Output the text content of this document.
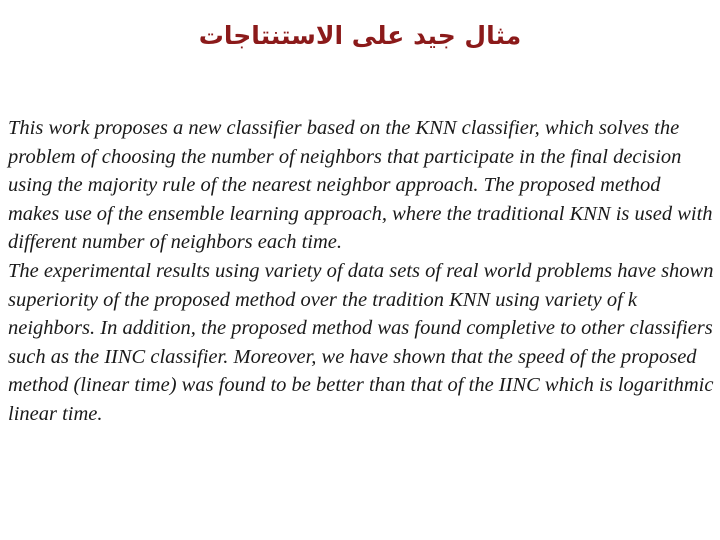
مثال جيد على الاستنتاجات

This work proposes a new classifier based on the KNN classifier, which solves the problem of choosing the number of neighbors that participate in the final decision using the majority rule of the nearest neighbor approach. The proposed method makes use of the ensemble learning approach, where the traditional KNN is used with different number of neighbors each time.

The experimental results using variety of data sets of real world problems have shown superiority of the proposed method over the tradition KNN using variety of k neighbors. In addition, the proposed method was found completive to other classifiers such as the IINC classifier. Moreover, we have shown that the speed of the proposed method (linear time) was found to be better than that of the IINC which is logarithmic linear time.
